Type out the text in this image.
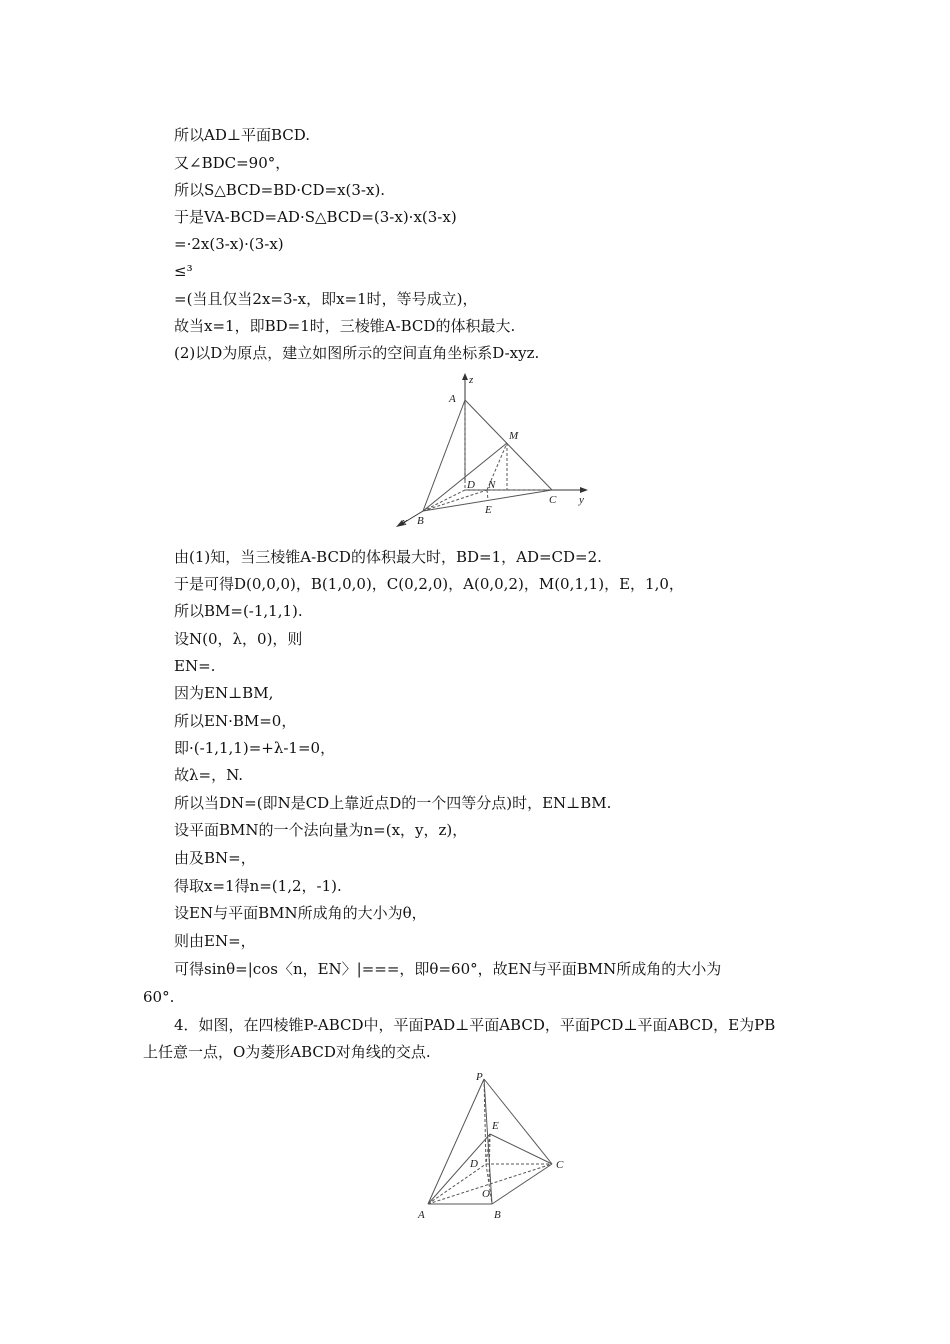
所以AD⊥平面BCD.
又∠BDC=90°，
所以S△BCD=BD·CD=x(3-x).
于是VA-BCD=AD·S△BCD=(3-x)·x(3-x)
=·2x(3-x)·(3-x)
≤³
=(当且仅当2x=3-x，即x=1时，等号成立)，
故当x=1，即BD=1时，三棱锥A-BCD的体积最大.
(2)以D为原点，建立如图所示的空间直角坐标系D-xyz.
z
A
M
D N
C y
B
E
x
由(1)知，当三棱锥A-BCD的体积最大时，BD=1，AD=CD=2.
于是可得D(0,0,0)，B(1,0,0)，C(0,2,0)，A(0,0,2)，M(0,1,1)，E，1,0，
所以BM=(-1,1,1).
设N(0，λ，0)，则
EN=.
因为EN⊥BM,
所以EN·BM=0，
即·(-1,1,1)=+λ-1=0，
故λ=，N.
所以当DN=(即N是CD上靠近点D的一个四等分点)时，EN⊥BM.
设平面BMN的一个法向量为n=(x，y，z)，
由及BN=，
得取x=1得n=(1,2，-1).
设EN与平面BMN所成角的大小为θ，
则由EN=，
可得sinθ=|cos〈n，EN〉|===，即θ=60°，故EN与平面BMN所成角的大小为
60°.
4．如图，在四棱锥P-ABCD中，平面PAD⊥平面ABCD，平面PCD⊥平面ABCD，E为PB
上任意一点，O为菱形ABCD对角线的交点.
P
E
D	C
O
A	B
